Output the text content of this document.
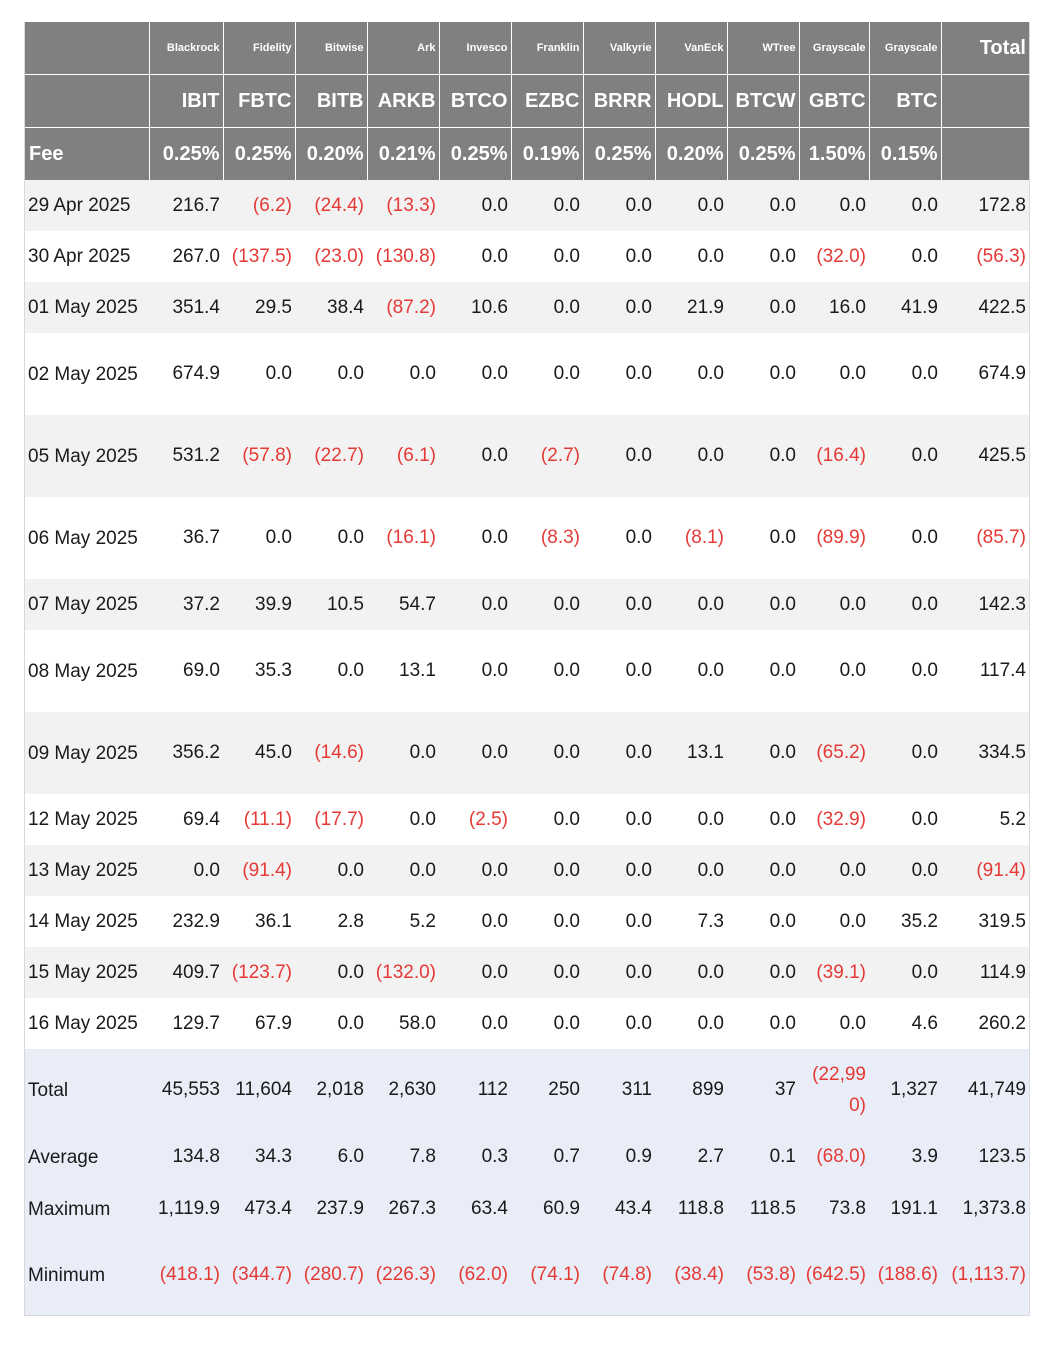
	Blackrock	Fidelity	Bitwise	Ark	Invesco	Franklin	Valkyrie	VanEck	WTree	Grayscale	Grayscale	Total
	IBIT	FBTC	BITB	ARKB	BTCO	EZBC	BRRR	HODL	BTCW	GBTC	BTC	
Fee	0.25%	0.25%	0.20%	0.21%	0.25%	0.19%	0.25%	0.20%	0.25%	1.50%	0.15%	
29 Apr 2025	216.7	(6.2)	(24.4)	(13.3)	0.0	0.0	0.0	0.0	0.0	0.0	0.0	172.8
30 Apr 2025	267.0	(137.5)	(23.0)	(130.8)	0.0	0.0	0.0	0.0	0.0	(32.0)	0.0	(56.3)
01 May 2025	351.4	29.5	38.4	(87.2)	10.6	0.0	0.0	21.9	0.0	16.0	41.9	422.5
02 May 2025	674.9	0.0	0.0	0.0	0.0	0.0	0.0	0.0	0.0	0.0	0.0	674.9
05 May 2025	531.2	(57.8)	(22.7)	(6.1)	0.0	(2.7)	0.0	0.0	0.0	(16.4)	0.0	425.5
06 May 2025	36.7	0.0	0.0	(16.1)	0.0	(8.3)	0.0	(8.1)	0.0	(89.9)	0.0	(85.7)
07 May 2025	37.2	39.9	10.5	54.7	0.0	0.0	0.0	0.0	0.0	0.0	0.0	142.3
08 May 2025	69.0	35.3	0.0	13.1	0.0	0.0	0.0	0.0	0.0	0.0	0.0	117.4
09 May 2025	356.2	45.0	(14.6)	0.0	0.0	0.0	0.0	13.1	0.0	(65.2)	0.0	334.5
12 May 2025	69.4	(11.1)	(17.7)	0.0	(2.5)	0.0	0.0	0.0	0.0	(32.9)	0.0	5.2
13 May 2025	0.0	(91.4)	0.0	0.0	0.0	0.0	0.0	0.0	0.0	0.0	0.0	(91.4)
14 May 2025	232.9	36.1	2.8	5.2	0.0	0.0	0.0	7.3	0.0	0.0	35.2	319.5
15 May 2025	409.7	(123.7)	0.0	(132.0)	0.0	0.0	0.0	0.0	0.0	(39.1)	0.0	114.9
16 May 2025	129.7	67.9	0.0	58.0	0.0	0.0	0.0	0.0	0.0	0.0	4.6	260.2
Total	45,553	11,604	2,018	2,630	112	250	311	899	37	(22,990)	1,327	41,749
Average	134.8	34.3	6.0	7.8	0.3	0.7	0.9	2.7	0.1	(68.0)	3.9	123.5
Maximum	1,119.9	473.4	237.9	267.3	63.4	60.9	43.4	118.8	118.5	73.8	191.1	1,373.8
Minimum	(418.1)	(344.7)	(280.7)	(226.3)	(62.0)	(74.1)	(74.8)	(38.4)	(53.8)	(642.5)	(188.6)	(1,113.7)
